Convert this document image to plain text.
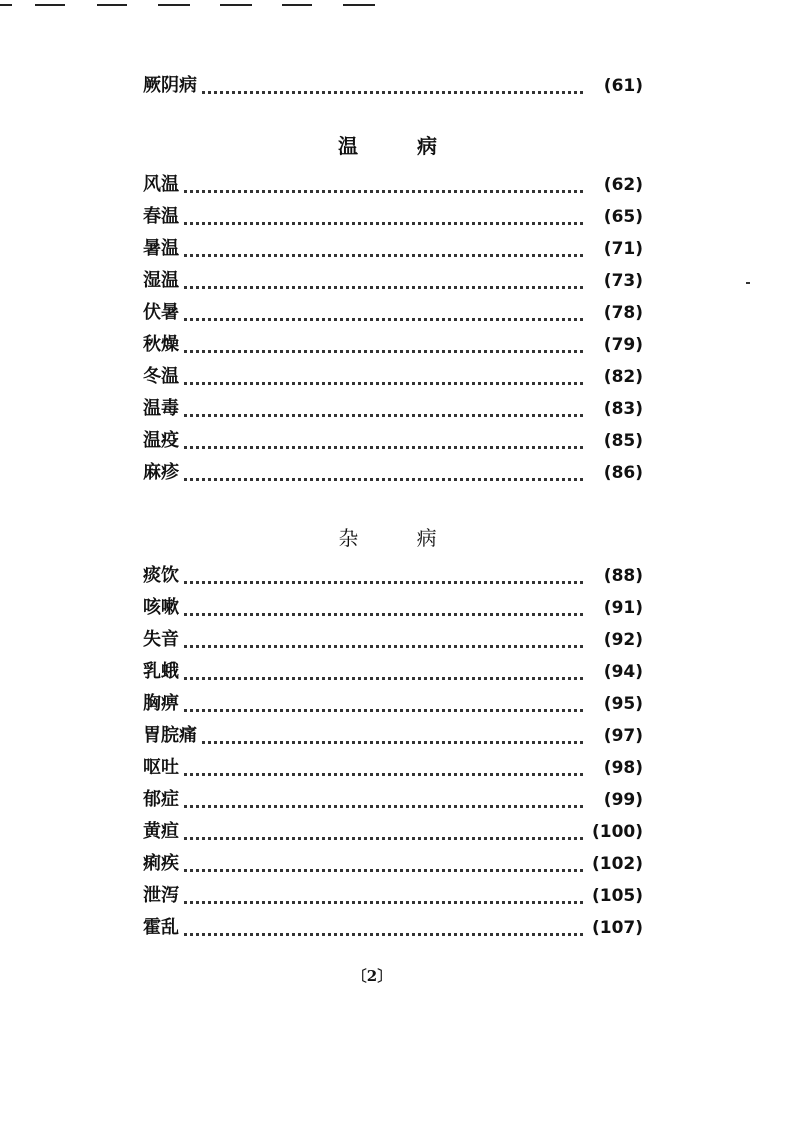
厥阴病	(61)
温 病
风温	(62)
春温	(65)
暑温	(71)
湿温	(73)
伏暑	(78)
秋燥	(79)
冬温	(82)
温毒	(83)
温疫	(85)
麻疹	(86)
杂 病
痰饮	(88)
咳嗽	(91)
失音	(92)
乳蛾	(94)
胸痹	(95)
胃脘痛	(97)
呕吐	(98)
郁症	(99)
黄疸	(100)
痢疾	(102)
泄泻	(105)
霍乱	(107)
〔2〕
